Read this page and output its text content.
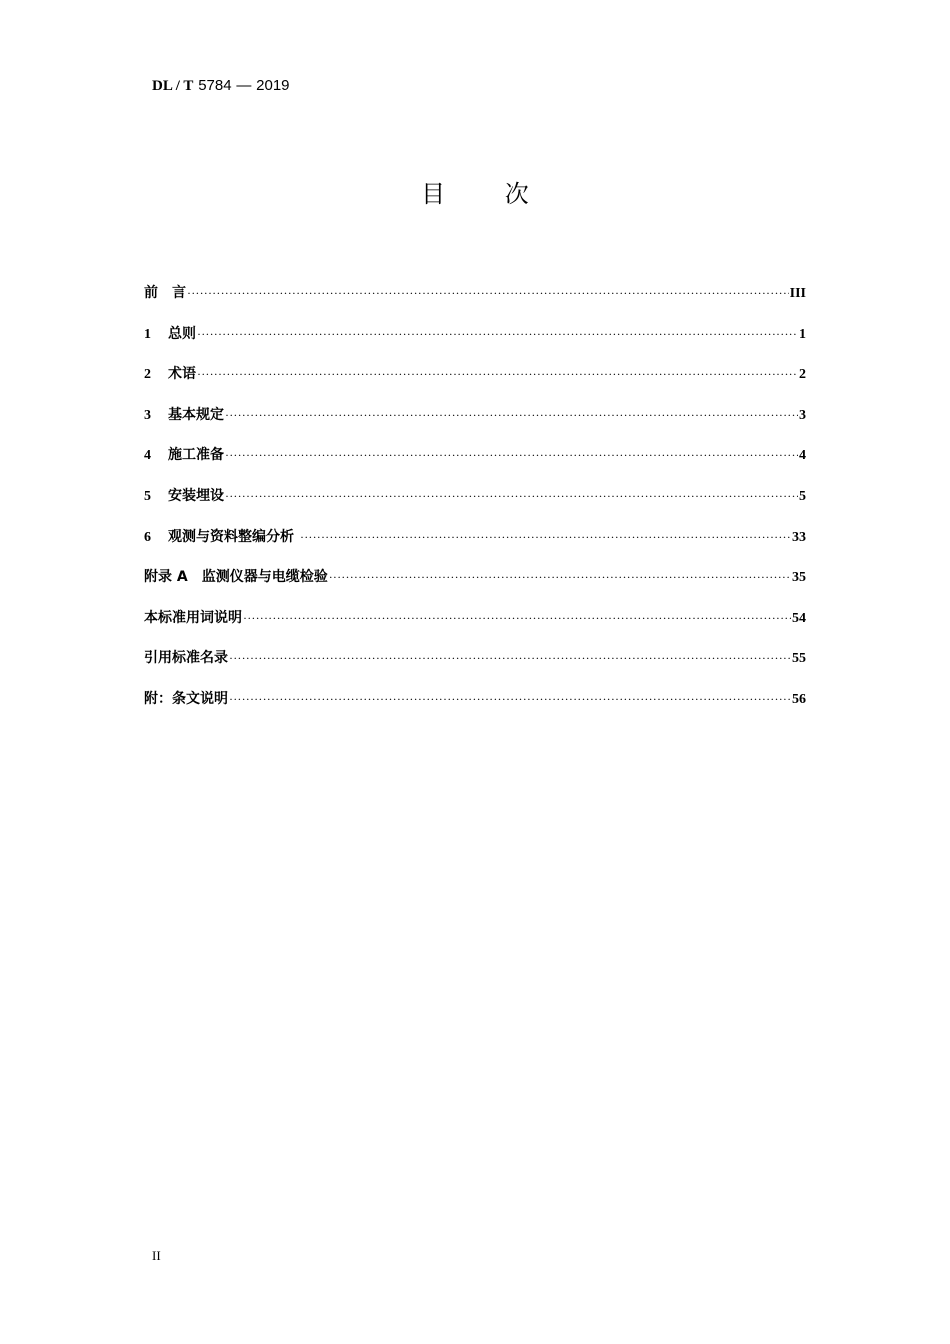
DL / T 5784 — 2019
目 次
前　言 ·····	III
1 总则 ·····	1
2 术语 ·····	2
3 基本规定 ·····	3
4 施工准备 ·····	4
5 安装埋设 ·····	5
6 观测与资料整编分析 ·····	33
附录 A　监测仪器与电缆检验 ·····	35
本标准用词说明 ·····	54
引用标准名录 ·····	55
附：条文说明 ·····	56
II
